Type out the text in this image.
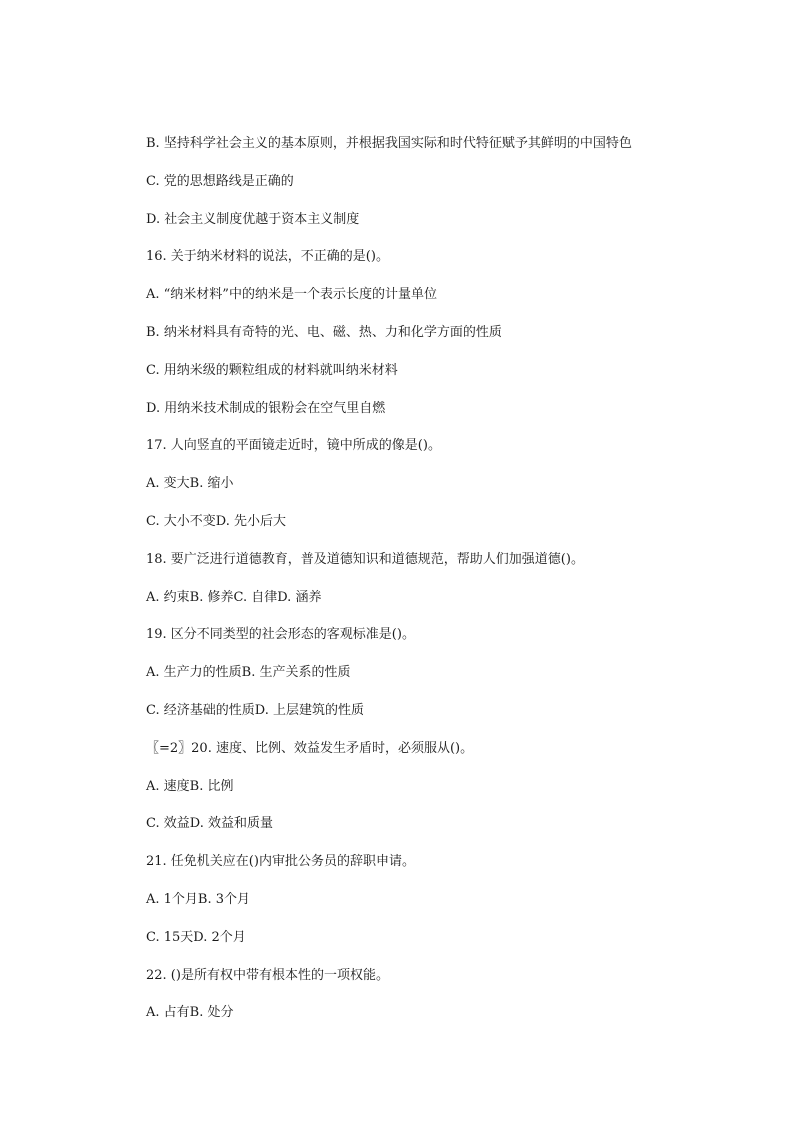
B. 坚持科学社会主义的基本原则，并根据我国实际和时代特征赋予其鲜明的中国特色
C. 党的思想路线是正确的
D. 社会主义制度优越于资本主义制度
16. 关于纳米材料的说法，不正确的是()。
A. “纳米材料”中的纳米是一个表示长度的计量单位
B. 纳米材料具有奇特的光、电、磁、热、力和化学方面的性质
C. 用纳米级的颗粒组成的材料就叫纳米材料
D. 用纳米技术制成的银粉会在空气里自燃
17. 人向竖直的平面镜走近时，镜中所成的像是()。
A. 变大B. 缩小
C. 大小不变D. 先小后大
18. 要广泛进行道德教育，普及道德知识和道德规范，帮助人们加强道德()。
A. 约束B. 修养C. 自律D. 涵养
19. 区分不同类型的社会形态的客观标准是()。
A. 生产力的性质B. 生产关系的性质
C. 经济基础的性质D. 上层建筑的性质
〖=2〗20. 速度、比例、效益发生矛盾时，必须服从()。
A. 速度B. 比例
C. 效益D. 效益和质量
21. 任免机关应在()内审批公务员的辞职申请。
A. 1个月B. 3个月
C. 15天D. 2个月
22. ()是所有权中带有根本性的一项权能。
A. 占有B. 处分
